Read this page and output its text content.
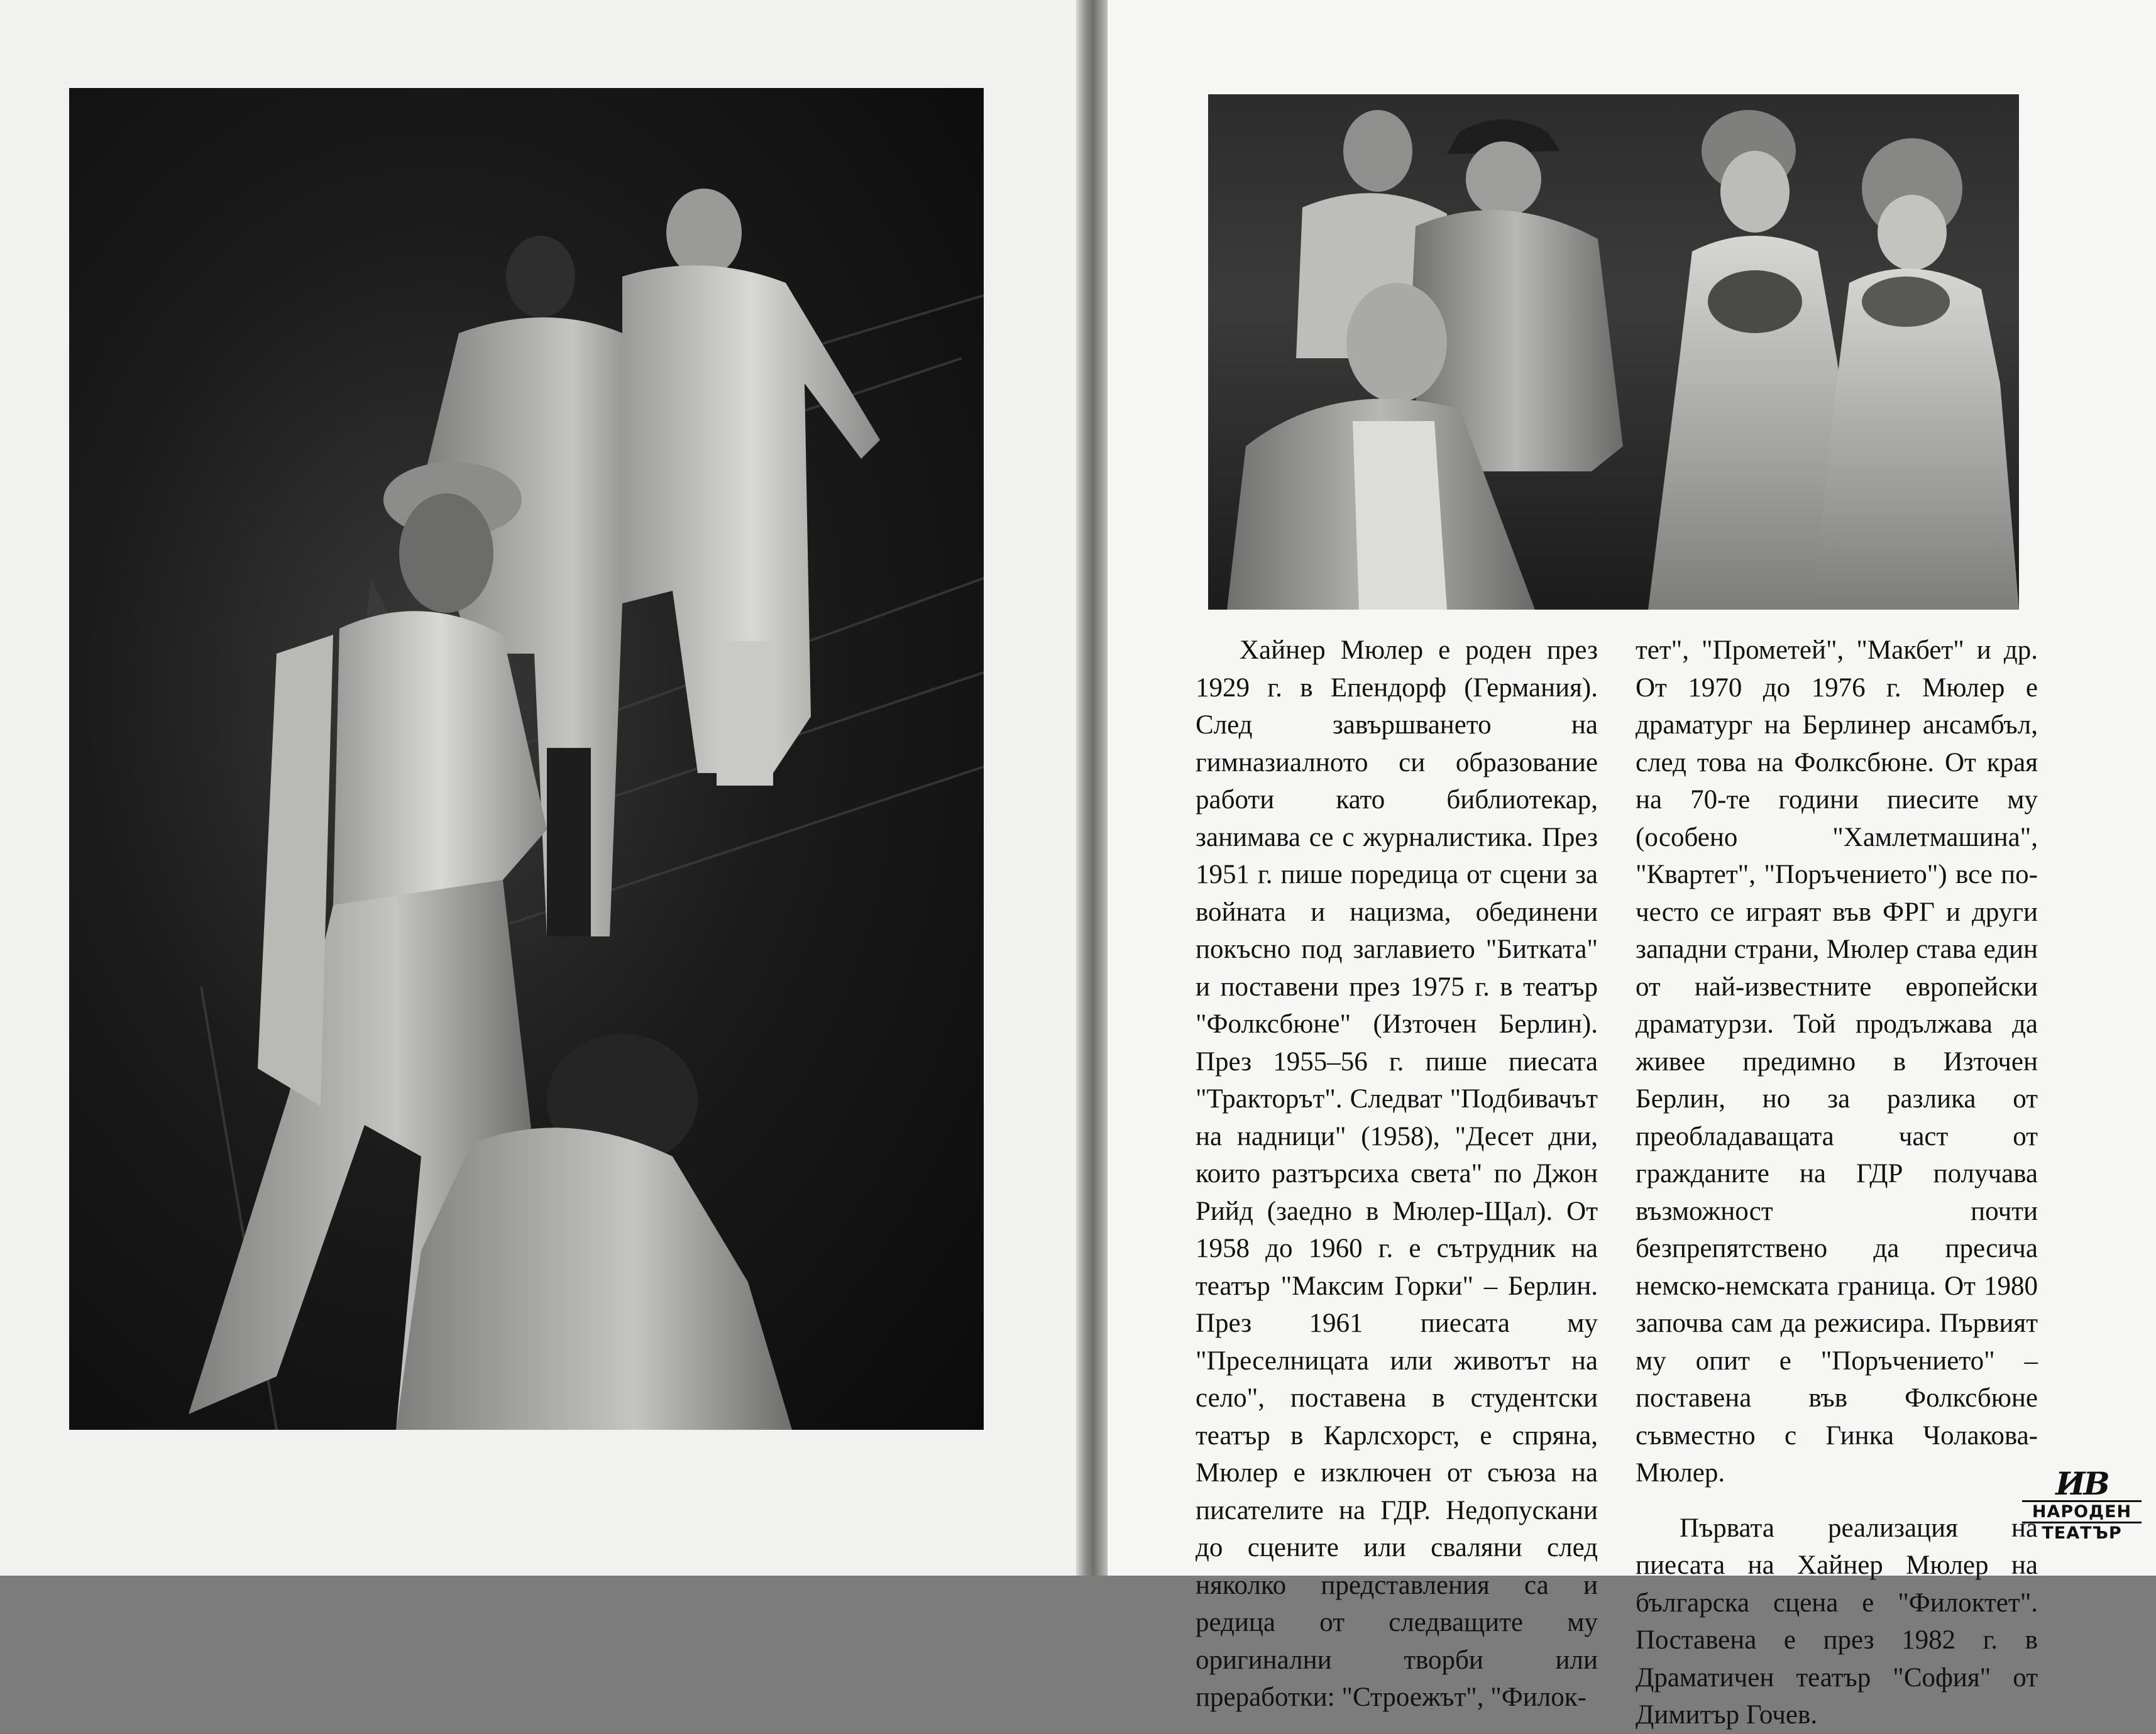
Хайнер Мюлер е роден през 1929 г. в Епендорф (Германия). След завършването на гимназиалното си образование работи като библиотекар, занимава се с журналистика. През 1951 г. пише поредица от сцени за войната и нацизма, обединени покъсно под заглавието "Битката" и поставени през 1975 г. в театър "Фолксбюне" (Източен Берлин). През 1955–56 г. пише пиесата "Тракторът". Следват "Подбивачът на надници" (1958), "Десет дни, които разтърсиха света" по Джон Рийд (заедно в Мюлер-Щал). От 1958 до 1960 г. е сътрудник на театър "Максим Горки" – Берлин. През 1961 пиесата му "Преселницата или животът на село", поставена в студентски театър в Карлсхорст, е спряна, Мюлер е изключен от съюза на писателите на ГДР. Недопускани до сцените или сваляни след няколко представления са и редица от следващите му оригинални творби или преработки: "Строежът", "Филок-

тет", "Прометей", "Макбет" и др. От 1970 до 1976 г. Мюлер е драматург на Берлинер ансамбъл, след това на Фолксбюне. От края на 70-те години пиесите му (особено "Хамлетмашина", "Квартет", "Поръчението") все по-често се играят във ФРГ и други западни страни, Мюлер става един от най-известните европейски драматурзи. Той продължава да живее предимно в Източен Берлин, но за разлика от преобладаващата част от гражданите на ГДР получава възможност почти безпрепятствено да пресича немско-немската граница. От 1980 започва сам да режисира. Първият му опит е "Поръчението" – поставена във Фолксбюне съвместно с Гинка Чолакова-Мюлер.

Първата реализация на пиесата на Хайнер Мюлер на българска сцена е "Филоктет". Поставена е през 1982 г. в Драматичен театър "София" от Димитър Гочев.

ИВ
НАРОДЕН
ТЕАТЪР
